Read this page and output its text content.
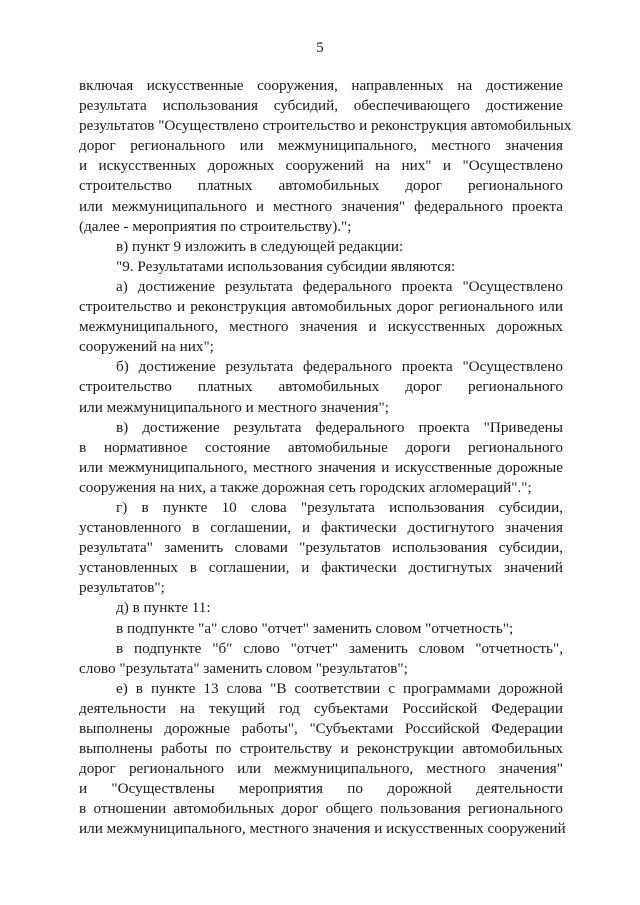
5
включая искусственные сооружения, направленных на достижение
результата использования субсидий, обеспечивающего достижение
результатов "Осуществлено строительство и реконструкция автомобильных
дорог регионального или межмуниципального, местного значения
и искусственных дорожных сооружений на них" и "Осуществлено
строительство платных автомобильных дорог регионального
или межмуниципального и местного значения" федерального проекта
(далее - мероприятия по строительству).";
в) пункт 9 изложить в следующей редакции:
"9. Результатами использования субсидии являются:
а) достижение результата федерального проекта "Осуществлено
строительство и реконструкция автомобильных дорог регионального или
межмуниципального, местного значения и искусственных дорожных
сооружений на них";
б) достижение результата федерального проекта "Осуществлено
строительство платных автомобильных дорог регионального
или межмуниципального и местного значения";
в) достижение результата федерального проекта "Приведены
в нормативное состояние автомобильные дороги регионального
или межмуниципального, местного значения и искусственные дорожные
сооружения на них, а также дорожная сеть городских агломераций".";
г) в пункте 10 слова "результата использования субсидии,
установленного в соглашении, и фактически достигнутого значения
результата" заменить словами "результатов использования субсидии,
установленных в соглашении, и фактически достигнутых значений
результатов";
д) в пункте 11:
в подпункте "а" слово "отчет" заменить словом "отчетность";
в подпункте "б" слово "отчет" заменить словом "отчетность",
слово "результата" заменить словом "результатов";
е) в пункте 13 слова "В соответствии с программами дорожной
деятельности на текущий год субъектами Российской Федерации
выполнены дорожные работы", "Субъектами Российской Федерации
выполнены работы по строительству и реконструкции автомобильных
дорог регионального или межмуниципального, местного значения"
и "Осуществлены мероприятия по дорожной деятельности
в отношении автомобильных дорог общего пользования регионального
или межмуниципального, местного значения и искусственных сооружений
